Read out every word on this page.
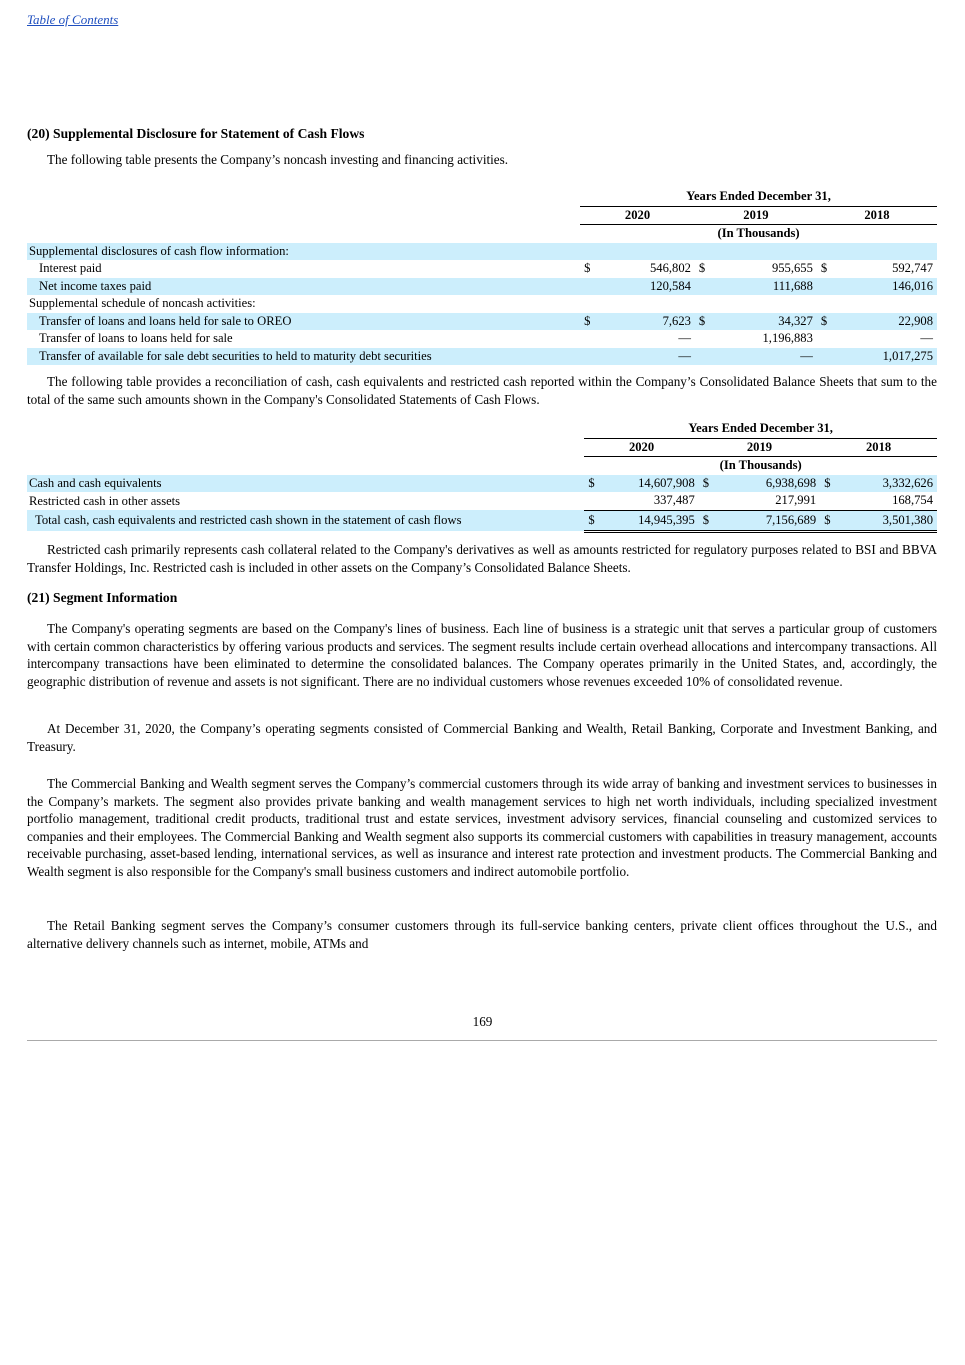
Table of Contents
(20) Supplemental Disclosure for Statement of Cash Flows

The following table presents the Company’s noncash investing and financing activities.

	Years Ended December 31,					
	2020		2019		2018	
	(In Thousands)					
Supplemental disclosures of cash flow information:						
Interest paid	$	546,802	$	955,655	$	592,747
Net income taxes paid		120,584		111,688		146,016
Supplemental schedule of noncash activities:						
Transfer of loans and loans held for sale to OREO	$	7,623	$	34,327	$	22,908
Transfer of loans to loans held for sale		—		1,196,883		—
Transfer of available for sale debt securities to held to maturity debt securities		—		—		1,017,275

The following table provides a reconciliation of cash, cash equivalents and restricted cash reported within the Company’s Consolidated Balance Sheets that sum to the total of the same such amounts shown in the Company's Consolidated Statements of Cash Flows.

	Years Ended December 31,					
	2020		2019		2018	
	(In Thousands)					
Cash and cash equivalents	$	14,607,908	$	6,938,698	$	3,332,626
Restricted cash in other assets		337,487		217,991		168,754
Total cash, cash equivalents and restricted cash shown in the statement of cash flows	$	14,945,395	$	7,156,689	$	3,501,380

Restricted cash primarily represents cash collateral related to the Company's derivatives as well as amounts restricted for regulatory purposes related to BSI and BBVA Transfer Holdings, Inc. Restricted cash is included in other assets on the Company’s Consolidated Balance Sheets.

(21) Segment Information

The Company's operating segments are based on the Company's lines of business. Each line of business is a strategic unit that serves a particular group of customers with certain common characteristics by offering various products and services. The segment results include certain overhead allocations and intercompany transactions. All intercompany transactions have been eliminated to determine the consolidated balances. The Company operates primarily in the United States, and, accordingly, the geographic distribution of revenue and assets is not significant. There are no individual customers whose revenues exceeded 10% of consolidated revenue.

At December 31, 2020, the Company’s operating segments consisted of Commercial Banking and Wealth, Retail Banking, Corporate and Investment Banking, and Treasury.

The Commercial Banking and Wealth segment serves the Company’s commercial customers through its wide array of banking and investment services to businesses in the Company’s markets. The segment also provides private banking and wealth management services to high net worth individuals, including specialized investment portfolio management, traditional credit products, traditional trust and estate services, investment advisory services, financial counseling and customized services to companies and their employees. The Commercial Banking and Wealth segment also supports its commercial customers with capabilities in treasury management, accounts receivable purchasing, asset-based lending, international services, as well as insurance and interest rate protection and investment products. The Commercial Banking and Wealth segment is also responsible for the Company's small business customers and indirect automobile portfolio.

The Retail Banking segment serves the Company’s consumer customers through its full-service banking centers, private client offices throughout the U.S., and alternative delivery channels such as internet, mobile, ATMs and

169
